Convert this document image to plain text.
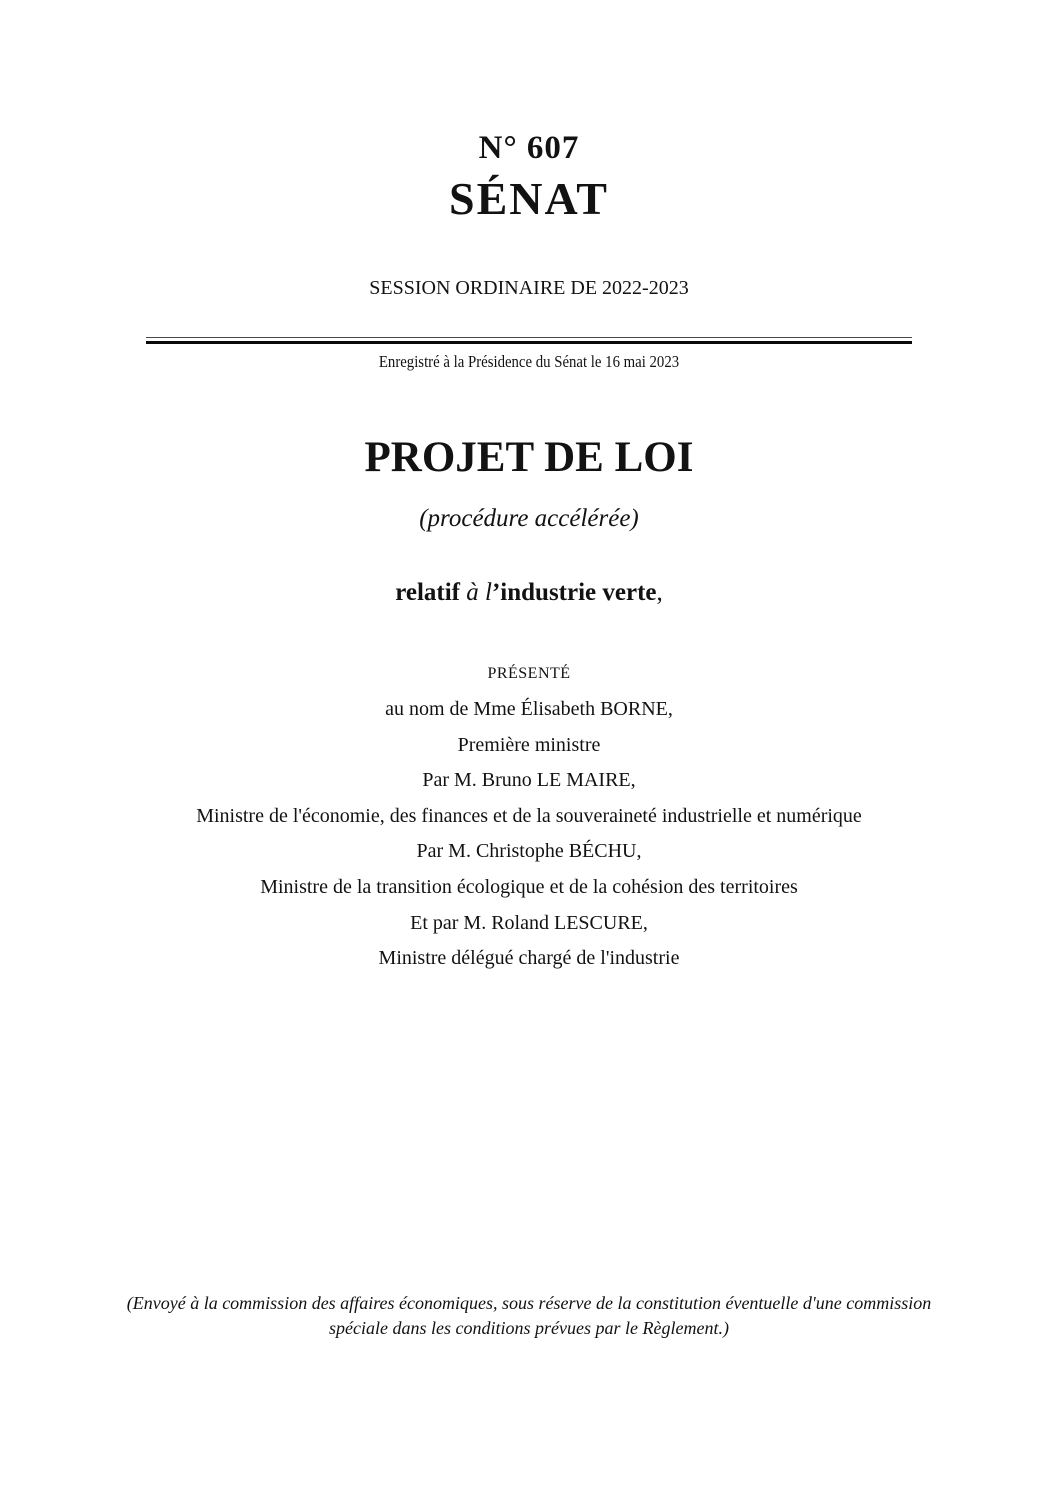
N° 607
SÉNAT
SESSION ORDINAIRE DE 2022-2023
Enregistré à la Présidence du Sénat le 16 mai 2023
PROJET DE LOI
(procédure accélérée)
relatif à l’industrie verte,
PRÉSENTÉ
au nom de Mme Élisabeth BORNE,
Première ministre
Par M. Bruno LE MAIRE,
Ministre de l'économie, des finances et de la souveraineté industrielle et numérique
Par M. Christophe BÉCHU,
Ministre de la transition écologique et de la cohésion des territoires
Et par M. Roland LESCURE,
Ministre délégué chargé de l'industrie
(Envoyé à la commission des affaires économiques, sous réserve de la constitution éventuelle d'une commission spéciale dans les conditions prévues par le Règlement.)
